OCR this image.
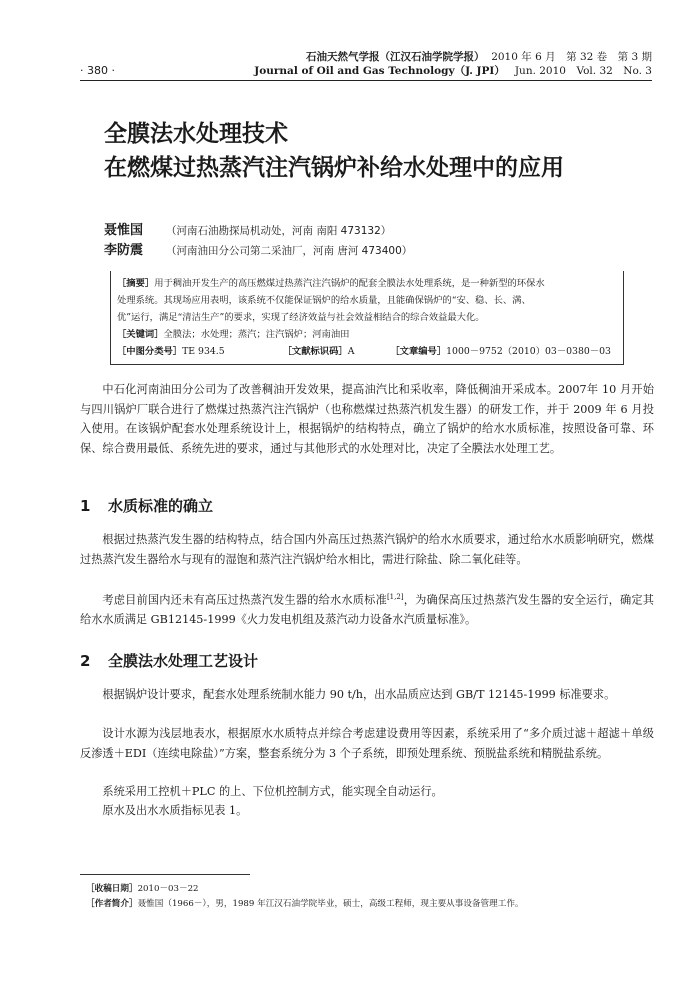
· 380 ·
石油天然气学报（江汉石油学院学报） 2010 年 6 月　第 32 卷　第 3 期
Journal of Oil and Gas Technology（J. JPI） Jun. 2010　Vol. 32　No. 3
全膜法水处理技术
在燃煤过热蒸汽注汽锅炉补给水处理中的应用
聂惟国	（河南石油勘探局机动处，河南 南阳 473132）
李防震	（河南油田分公司第二采油厂，河南 唐河 473400）
［摘要］用于稠油开发生产的高压燃煤过热蒸汽注汽锅炉的配套全膜法水处理系统，是一种新型的环保水
处理系统。其现场应用表明，该系统不仅能保证锅炉的给水质量，且能确保锅炉的“安、稳、长、满、
优”运行，满足“清洁生产”的要求，实现了经济效益与社会效益相结合的综合效益最大化。
［关键词］全膜法；水处理；蒸汽；注汽锅炉；河南油田
［中图分类号］TE 934.5	［文献标识码］A	［文章编号］1000－9752（2010）03－0380－03
中石化河南油田分公司为了改善稠油开发效果，提高油汽比和采收率，降低稠油开采成本。2007年 10 月开始与四川锅炉厂联合进行了燃煤过热蒸汽注汽锅炉（也称燃煤过热蒸汽机发生器）的研发工作，并于 2009 年 6 月投入使用。在该锅炉配套水处理系统设计上，根据锅炉的结构特点，确立了锅炉的给水水质标准，按照设备可靠、环保、综合费用最低、系统先进的要求，通过与其他形式的水处理对比，决定了全膜法水处理工艺。
1 水质标准的确立
根据过热蒸汽发生器的结构特点，结合国内外高压过热蒸汽锅炉的给水水质要求，通过给水水质影响研究，燃煤过热蒸汽发生器给水与现有的湿饱和蒸汽注汽锅炉给水相比，需进行除盐、除二氧化硅等。
考虑目前国内还未有高压过热蒸汽发生器的给水水质标准[1,2]，为确保高压过热蒸汽发生器的安全运行，确定其给水水质满足 GB12145-1999《火力发电机组及蒸汽动力设备水汽质量标准》。
2 全膜法水处理工艺设计
根据锅炉设计要求，配套水处理系统制水能力 90 t/h，出水品质应达到 GB/T 12145-1999 标准要求。
设计水源为浅层地表水，根据原水水质特点并综合考虑建设费用等因素，系统采用了“多介质过滤＋超滤＋单级反渗透＋EDI（连续电除盐）”方案，整套系统分为 3 个子系统，即预处理系统、预脱盐系统和精脱盐系统。
系统采用工控机＋PLC 的上、下位机控制方式，能实现全自动运行。
原水及出水水质指标见表 1。
［收稿日期］2010－03－22
［作者简介］聂惟国（1966－），男，1989 年江汉石油学院毕业，硕士，高级工程师，现主要从事设备管理工作。
